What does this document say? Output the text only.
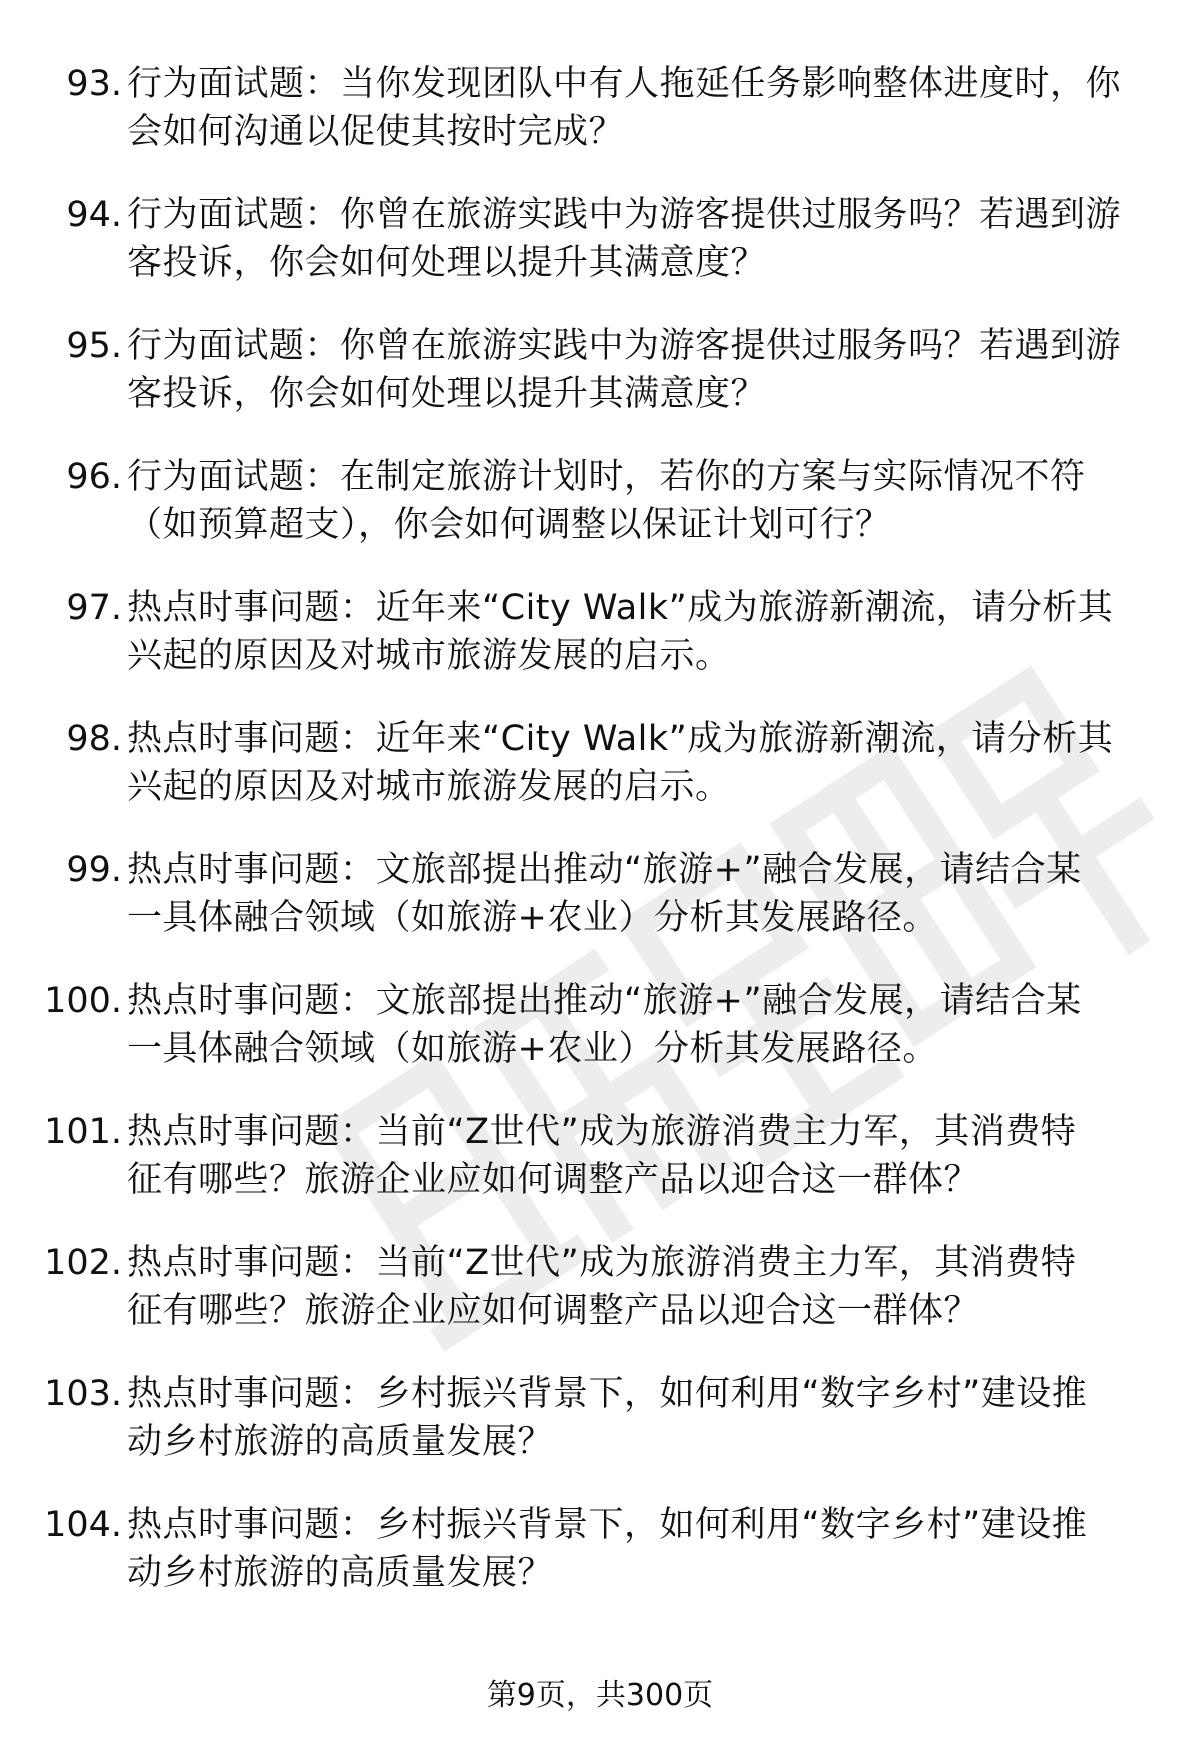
93. 行为面试题：当你发现团队中有人拖延任务影响整体进度时，你
会如何沟通以促使其按时完成？
94. 行为面试题：你曾在旅游实践中为游客提供过服务吗？若遇到游
客投诉，你会如何处理以提升其满意度？
95. 行为面试题：你曾在旅游实践中为游客提供过服务吗？若遇到游
客投诉，你会如何处理以提升其满意度？
96. 行为面试题：在制定旅游计划时，若你的方案与实际情况不符
（如预算超支），你会如何调整以保证计划可行？
97. 热点时事问题：近年来“City Walk”成为旅游新潮流，请分析其
兴起的原因及对城市旅游发展的启示。
98. 热点时事问题：近年来“City Walk”成为旅游新潮流，请分析其
兴起的原因及对城市旅游发展的启示。
99. 热点时事问题：文旅部提出推动“旅游+”融合发展，请结合某
一具体融合领域（如旅游+农业）分析其发展路径。
100. 热点时事问题：文旅部提出推动“旅游+”融合发展，请结合某
一具体融合领域（如旅游+农业）分析其发展路径。
101. 热点时事问题：当前“Z世代”成为旅游消费主力军，其消费特
征有哪些？旅游企业应如何调整产品以迎合这一群体？
102. 热点时事问题：当前“Z世代”成为旅游消费主力军，其消费特
征有哪些？旅游企业应如何调整产品以迎合这一群体？
103. 热点时事问题：乡村振兴背景下，如何利用“数字乡村”建设推
动乡村旅游的高质量发展？
104. 热点时事问题：乡村振兴背景下，如何利用“数字乡村”建设推
动乡村旅游的高质量发展？
第9页，共300页
